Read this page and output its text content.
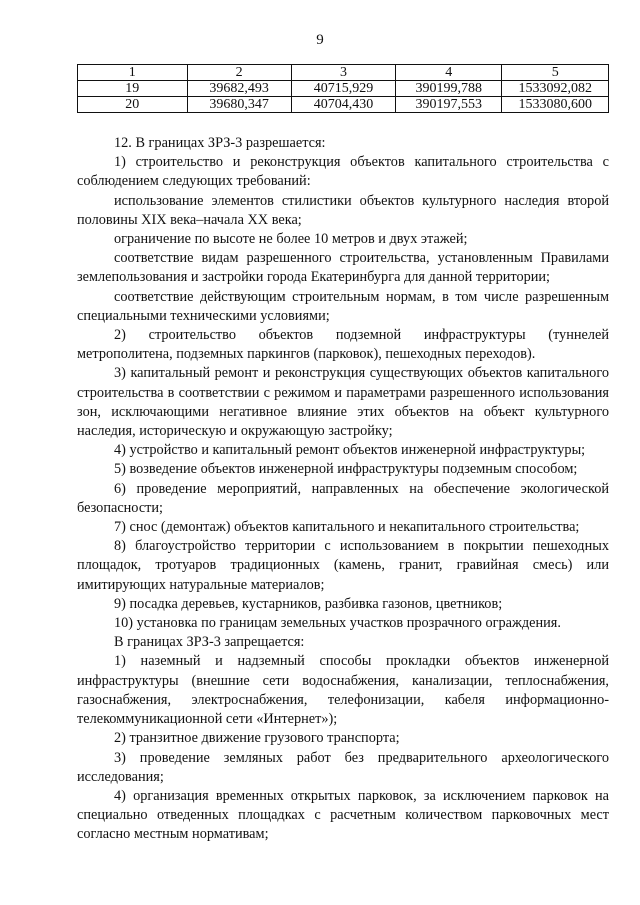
9
1	2	3	4	5
19	39682,493	40715,929	390199,788	1533092,082
20	39680,347	40704,430	390197,553	1533080,600

12. В границах ЗРЗ-3 разрешается:

1) строительство и реконструкция объектов капитального строительства с соблюдением следующих требований:

использование элементов стилистики объектов культурного наследия второй половины XIX века–начала XX века;

ограничение по высоте не более 10 метров и двух этажей;

соответствие видам разрешенного строительства, установленным Правилами землепользования и застройки города Екатеринбурга для данной территории;

соответствие действующим строительным нормам, в том числе разрешенным специальными техническими условиями;

2) строительство объектов подземной инфраструктуры (туннелей метрополитена, подземных паркингов (парковок), пешеходных переходов).

3) капитальный ремонт и реконструкция существующих объектов капитального строительства в соответствии с режимом и параметрами разрешенного использования зон, исключающими негативное влияние этих объектов на объект культурного наследия, историческую и окружающую застройку;

4) устройство и капитальный ремонт объектов инженерной инфраструктуры;

5) возведение объектов инженерной инфраструктуры подземным способом;

6) проведение мероприятий, направленных на обеспечение экологической безопасности;

7) снос (демонтаж) объектов капитального и некапитального строительства;

8) благоустройство территории с использованием в покрытии пешеходных площадок, тротуаров традиционных (камень, гранит, гравийная смесь) или имитирующих натуральные материалов;

9) посадка деревьев, кустарников, разбивка газонов, цветников;

10) установка по границам земельных участков прозрачного ограждения.

В границах ЗРЗ-3 запрещается:

1) наземный и надземный способы прокладки объектов инженерной инфраструктуры (внешние сети водоснабжения, канализации, теплоснабжения, газоснабжения, электроснабжения, телефонизации, кабеля информационно-телекоммуникационной сети «Интернет»);

2) транзитное движение грузового транспорта;

3) проведение земляных работ без предварительного археологического исследования;

4) организация временных открытых парковок, за исключением парковок на специально отведенных площадках с расчетным количеством парковочных мест согласно местным нормативам;
